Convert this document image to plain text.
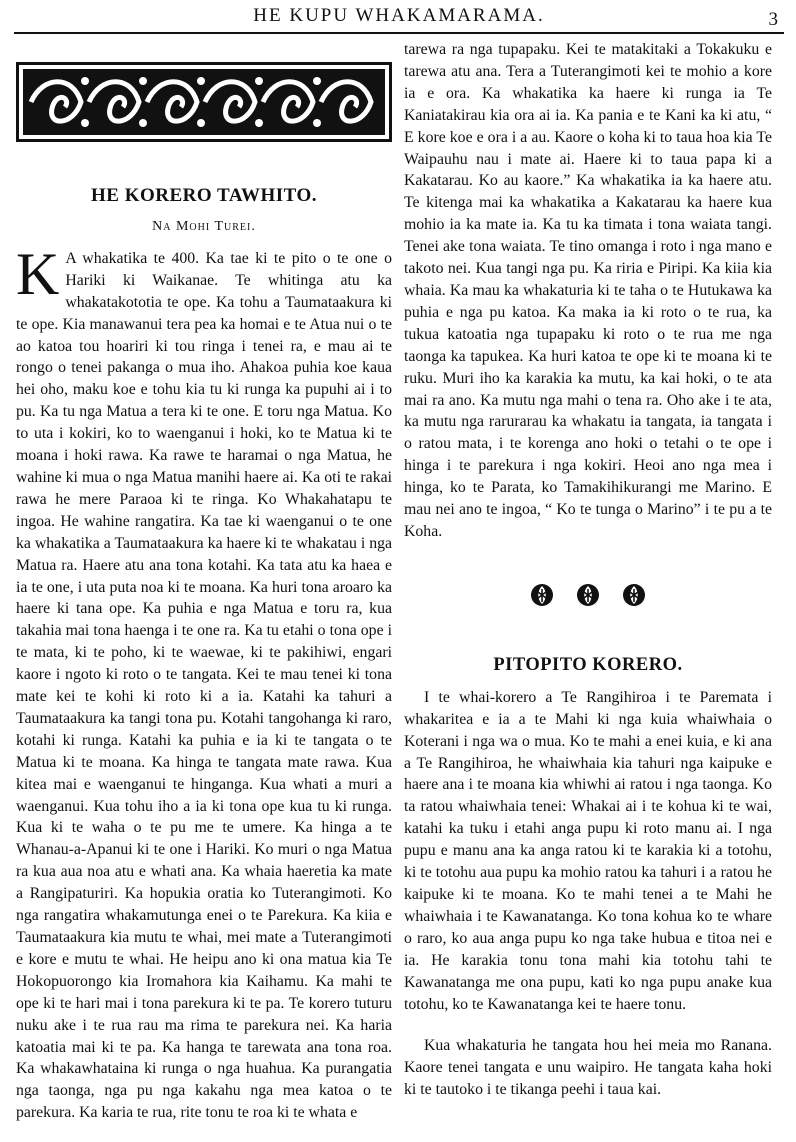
HE KUPU WHAKAMARAMA.	3
HE KORERO TAWHITO.
Na Mohi Turei.

K A whakatika te 400. Ka tae ki te pito o te one o Hariki ki Waikanae. Te whitinga atu ka whakatakototia te ope. Ka tohu a Taumataakura ki te ope. Kia manawanui tera pea ka homai e te Atua nui o te ao katoa tou hoariri ki tou ringa i tenei ra, e mau ai te rongo o tenei pakanga o mua iho. Ahakoa puhia koe kaua hei oho, maku koe e tohu kia tu ki runga ka pupuhi ai i to pu. Ka tu nga Matua a tera ki te one. E toru nga Matua. Ko to uta i kokiri, ko to waenganui i hoki, ko te Matua ki te moana i hoki rawa. Ka rawe te haramai o nga Matua, he wahine ki mua o nga Matua manihi haere ai. Ka oti te rakai rawa he mere Paraoa ki te ringa. Ko Whakahatapu te ingoa. He wahine rangatira. Ka tae ki waenganui o te one ka whakatika a Taumataakura ka haere ki te whakatau i nga Matua ra. Haere atu ana tona kotahi. Ka tata atu ka haea e ia te one, i uta puta noa ki te moana. Ka huri tona aroaro ka haere ki tana ope. Ka puhia e nga Matua e toru ra, kua takahia mai tona haenga i te one ra. Ka tu etahi o tona ope i te mata, ki te poho, ki te waewae, ki te pakihiwi, engari kaore i ngoto ki roto o te tangata. Kei te mau tenei ki tona mate kei te kohi ki roto ki a ia. Katahi ka tahuri a Taumataakura ka tangi tona pu. Kotahi tangohanga ki raro, kotahi ki runga. Katahi ka puhia e ia ki te tangata o te Matua ki te moana. Ka hinga te tangata mate rawa. Kua kitea mai e waenganui te hinganga. Kua whati a muri a waenganui. Kua tohu iho a ia ki tona ope kua tu ki runga. Kua ki te waha o te pu me te umere. Ka hinga a te Whanau-a-Apanui ki te one i Hariki. Ko muri o nga Matua ra kua aua noa atu e whati ana. Ka whaia haeretia ka mate a Rangipaturiri. Ka hopukia oratia ko Tuterangimoti. Ko nga rangatira whakamutunga enei o te Parekura. Ka kiia e Taumataakura kia mutu te whai, mei mate a Tuterangimoti e kore e mutu te whai. He heipu ano ki ona matua kia Te Hokopuorongo kia Iromahora kia Kaihamu. Ka mahi te ope ki te hari mai i tona parekura ki te pa. Te korero tuturu nuku ake i te rua rau ma rima te parekura nei. Ka haria katoatia mai ki te pa. Ka hanga te tarewata ana tona roa. Ka whakawhataina ki runga o nga huahua. Ka purangatia nga taonga, nga pu nga kakahu nga mea katoa o te parekura. Ka karia te rua, rite tonu te roa ki te whata e

tarewa ra nga tupapaku. Kei te matakitaki a Tokakuku e tarewa atu ana. Tera a Tuterangimoti kei te mohio a kore ia e ora. Ka whakatika ka haere ki runga ia Te Kaniatakirau kia ora ai ia. Ka pania e te Kani ka ki atu, “ E kore koe e ora i a au. Kaore o koha ki to taua hoa kia Te Waipauhu nau i mate ai. Haere ki to taua papa ki a Kakatarau. Ko au kaore.” Ka whakatika ia ka haere atu. Te kitenga mai ka whakatika a Kakatarau ka haere kua mohio ia ka mate ia. Ka tu ka timata i tona waiata tangi. Tenei ake tona waiata. Te tino omanga i roto i nga mano e takoto nei. Kua tangi nga pu. Ka riria e Piripi. Ka kiia kia whaia. Ka mau ka whakaturia ki te taha o te Hutukawa ka puhia e nga pu katoa. Ka maka ia ki roto o te rua, ka tukua katoatia nga tupapaku ki roto o te rua me nga taonga ka tapukea. Ka huri katoa te ope ki te moana ki te ruku. Muri iho ka karakia ka mutu, ka kai hoki, o te ata mai ra ano. Ka mutu nga mahi o tena ra. Oho ake i te ata, ka mutu nga rarurarau ka whakatu ia tangata, ia tangata i o ratou mata, i te korenga ano hoki o tetahi o te ope i hinga i te parekura i nga kokiri. Heoi ano nga mea i hinga, ko te Parata, ko Tamakihikurangi me Marino. E mau nei ano te ingoa, “ Ko te tunga o Marino” i te pu a te Koha.

PITOPITO KORERO.

I te whai-korero a Te Rangihiroa i te Paremata i whakaritea e ia a te Mahi ki nga kuia whaiwhaia o Koterani i nga wa o mua. Ko te mahi a enei kuia, e ki ana a Te Rangihiroa, he whaiwhaia kia tahuri nga kaipuke e haere ana i te moana kia whiwhi ai ratou i nga taonga. Ko ta ratou whaiwhaia tenei: Whakai ai i te kohua ki te wai, katahi ka tuku i etahi anga pupu ki roto manu ai. I nga pupu e manu ana ka anga ratou ki te karakia ki a totohu, ki te totohu aua pupu ka mohio ratou ka tahuri i a ratou he kaipuke ki te moana. Ko te mahi tenei a te Mahi he whaiwhaia i te Kawanatanga. Ko tona kohua ko te whare o raro, ko aua anga pupu ko nga take hubua e titoa nei e ia. He karakia tonu tona mahi kia totohu tahi te Kawanatanga me ona pupu, kati ko nga pupu anake kua totohu, ko te Kawanatanga kei te haere tonu.

Kua whakaturia he tangata hou hei meia mo Ranana. Kaore tenei tangata e unu waipiro. He tangata kaha hoki ki te tautoko i te tikanga peehi i taua kai.
